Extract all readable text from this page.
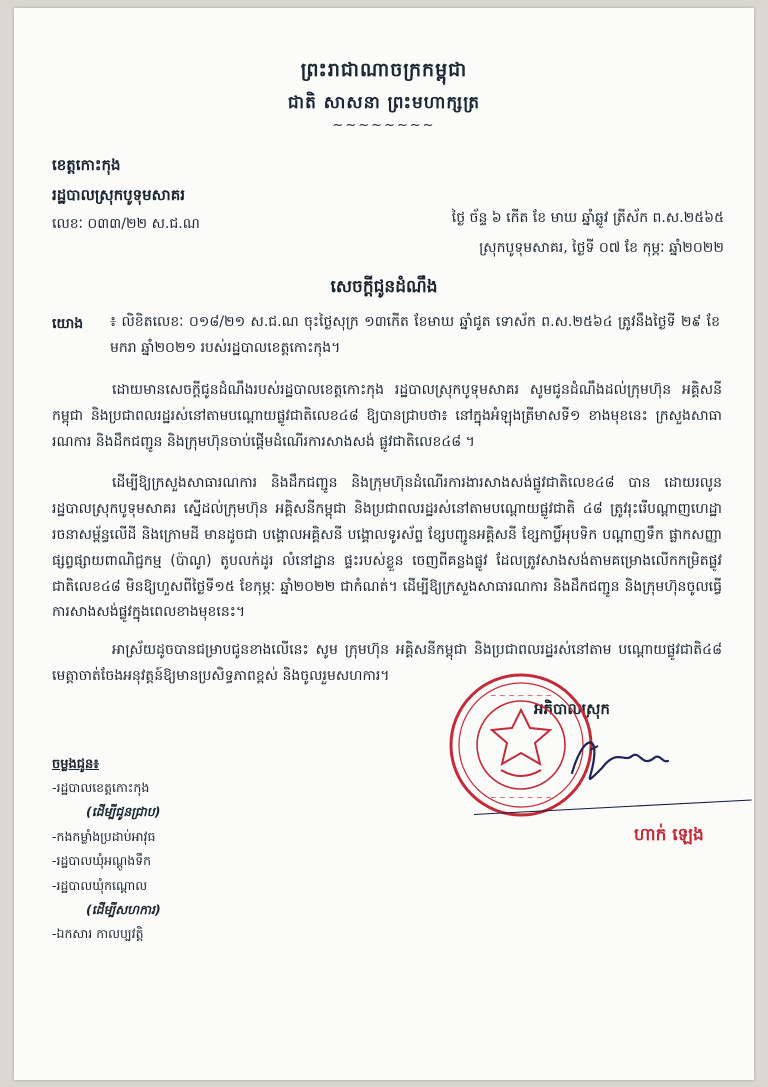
ព្រះរាជាណាចក្រកម្ពុជា
ជាតិ សាសនា ព្រះមហាក្សត្រ
~~~~~~~~
ខេត្តកោះកុង
រដ្ឋបាលស្រុកបូទុមសាគរ
លេខៈ ០៣៣/២២ ស.ជ.ណ	ថ្ងៃ ច័ន្ទ ៦ កើត ខែ មាឃ ឆ្នាំឆ្លូវ ត្រីស័ក ព.ស.២៥៦៥
ស្រុកបូទុមសាគរ, ថ្ងៃទី ០៧ ខែ កុម្ភៈ ឆ្នាំ២០២២
សេចក្តីជូនដំណឹង
យោង ៖ លិខិតលេខៈ ០១៨/២១ ស.ជ.ណ ចុះថ្ងៃសុក្រ ១៣កើត ខែមាឃ ឆ្នាំជូត ទោស័ក ព.ស.២៥៦៤ ត្រូវនឹងថ្ងៃទី ២៩ ខែមករា ឆ្នាំ២០២១ របស់រដ្ឋបាលខេត្តកោះកុង។
ដោយមានសេចក្តីជូនដំណឹងរបស់រដ្ឋបាលខេត្តកោះកុង រដ្ឋបាលស្រុកបូទុមសាគរ សូមជូនដំណឹងដល់ក្រុមហ៊ុន អគ្គិសនីកម្ពុជា និងប្រជាពលរដ្ឋរស់នៅតាមបណ្តោយផ្លូវជាតិលេខ៤៨ ឱ្យបានជ្រាបថា៖ នៅក្នុងអំឡុងត្រីមាសទី១ ខាងមុខនេះ ក្រសួងសាធារណការ និងដឹកជញ្ជូន និងក្រុមហ៊ុនចាប់ផ្តើមដំណើរការសាងសង់ ផ្លូវជាតិលេខ៤៨ ។
ដើម្បីឱ្យក្រសួងសាធារណការ និងដឹកជញ្ជូន និងក្រុមហ៊ុនដំណើរការងារសាងសង់ផ្លូវជាតិលេខ៤៨ បាន ដោយរលូន រដ្ឋបាលស្រុកបូទុមសាគរ ស្នើដល់ក្រុមហ៊ុន អគ្គិសនីកម្ពុជា និងប្រជាពលរដ្ឋរស់នៅតាមបណ្តោយផ្លូវជាតិ ៤៨ ត្រូវរុះរើបណ្តាញហេដ្ឋារចនាសម្ព័ន្ធលើដី និងក្រោមដី មានដូចជា បង្គោលអគ្គិសនី បង្គោលទូរស័ព្ទ ខ្សែបញ្ជូនអគ្គិសនី ខ្សែកាប្លិ៍អុបទិក បណ្តាញទឹក ផ្លាកសញ្ញាផ្សព្វផ្សាយពាណិជ្ជកម្ម (ប៉ាណូ) តូបលក់ដូរ លំនៅដ្ឋាន ផ្ទះរបស់ខ្លួន ចេញពីគន្លងផ្លូវ ដែលត្រូវសាងសង់តាមគម្រោងលើកកម្រិតផ្លូវជាតិលេខ៤៨ មិនឱ្យហួសពីថ្ងៃទី១៥ ខែកុម្ភៈ ឆ្នាំ២០២២ ជាកំណត់។ ដើម្បីឱ្យក្រសួងសាធារណការ និងដឹកជញ្ជូន និងក្រុមហ៊ុនចូលធ្វើការសាងសង់ផ្លូវក្នុងពេលខាងមុខនេះ។
អាស្រ័យដូចបានជម្រាបជូនខាងលើនេះ សូម ក្រុមហ៊ុន អគ្គិសនីកម្ពុជា និងប្រជាពលរដ្ឋរស់នៅតាម បណ្តោយផ្លូវជាតិ៤៨ មេត្តាចាត់ចែងអនុវត្តន៍ឱ្យមានប្រសិទ្ធភាពខ្ពស់ និងចូលរួមសហការ។
អភិបាលស្រុក
~ ~ ~ ~ ~ ~ ~
~ ~ ~ ~ ~ ~ ~
ហាក់ ឡេង
ចម្លងជូន៖
-រដ្ឋបាលខេត្តកោះកុង
(ដើម្បីជូនជ្រាប)
-កងកម្លាំងប្រដាប់អាវុធ
-រដ្ឋបាលឃុំអណ្តូងទឹក
-រដ្ឋបាលឃុំកណ្តោល
(ដើម្បីសហការ)
-ឯកសារ កាលប្បវត្តិ
